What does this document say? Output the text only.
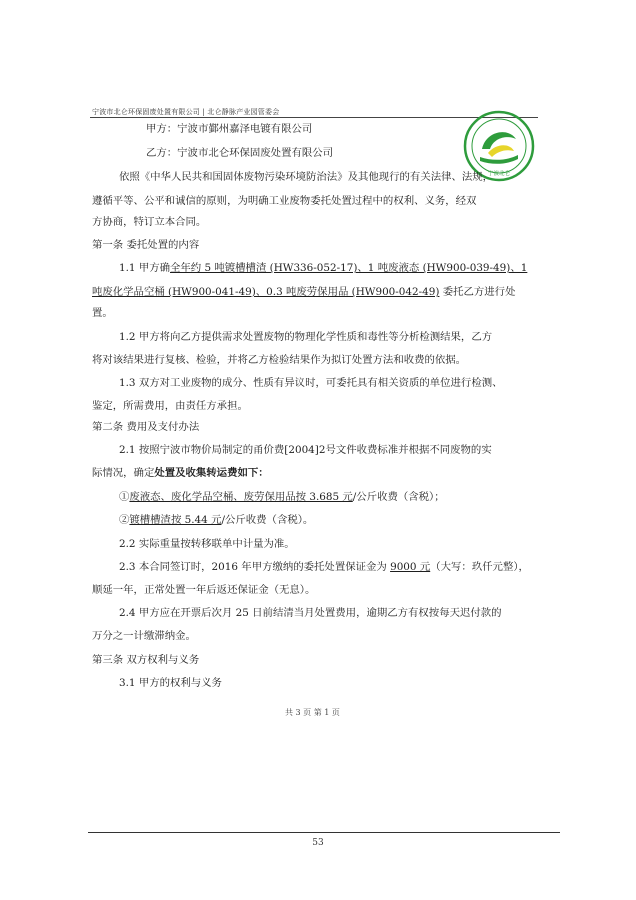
宁波市北仑环保固废处置有限公司 | 北仑静脉产业园管委会
宁波北仑
甲方：宁波市鄞州嘉泽电镀有限公司
乙方：宁波市北仑环保固废处置有限公司
依照《中华人民共和国固体废物污染环境防治法》及其他现行的有关法律、法规，
遵循平等、公平和诚信的原则，为明确工业废物委托处置过程中的权利、义务，经双
方协商，特订立本合同。
第一条 委托处置的内容
1.1 甲方确全年约 5 吨镀槽槽渣 (HW336-052-17)、1 吨废液态 (HW900-039-49)、1
吨废化学品空桶 (HW900-041-49)、0.3 吨废劳保用品 (HW900-042-49) 委托乙方进行处
置。
1.2 甲方将向乙方提供需求处置废物的物理化学性质和毒性等分析检测结果，乙方
将对该结果进行复核、检验，并将乙方检验结果作为拟订处置方法和收费的依据。
1.3 双方对工业废物的成分、性质有异议时，可委托具有相关资质的单位进行检测、
鉴定，所需费用，由责任方承担。
第二条 费用及支付办法
2.1 按照宁波市物价局制定的甬价费[2004]2号文件收费标准并根据不同废物的实
际情况，确定处置及收集转运费如下：
①废液态、废化学品空桶、废劳保用品按 3.685 元/公斤收费（含税）；
②镀槽槽渣按 5.44 元/公斤收费（含税）。
2.2 实际重量按转移联单中计量为准。
2.3 本合同签订时，2016 年甲方缴纳的委托处置保证金为 9000 元（大写：玖仟元整），
顺延一年，正常处置一年后返还保证金（无息）。
2.4 甲方应在开票后次月 25 日前结清当月处置费用，逾期乙方有权按每天迟付款的
万分之一计缴滞纳金。
第三条 双方权利与义务
3.1 甲方的权利与义务
共 3 页 第 1 页
53
